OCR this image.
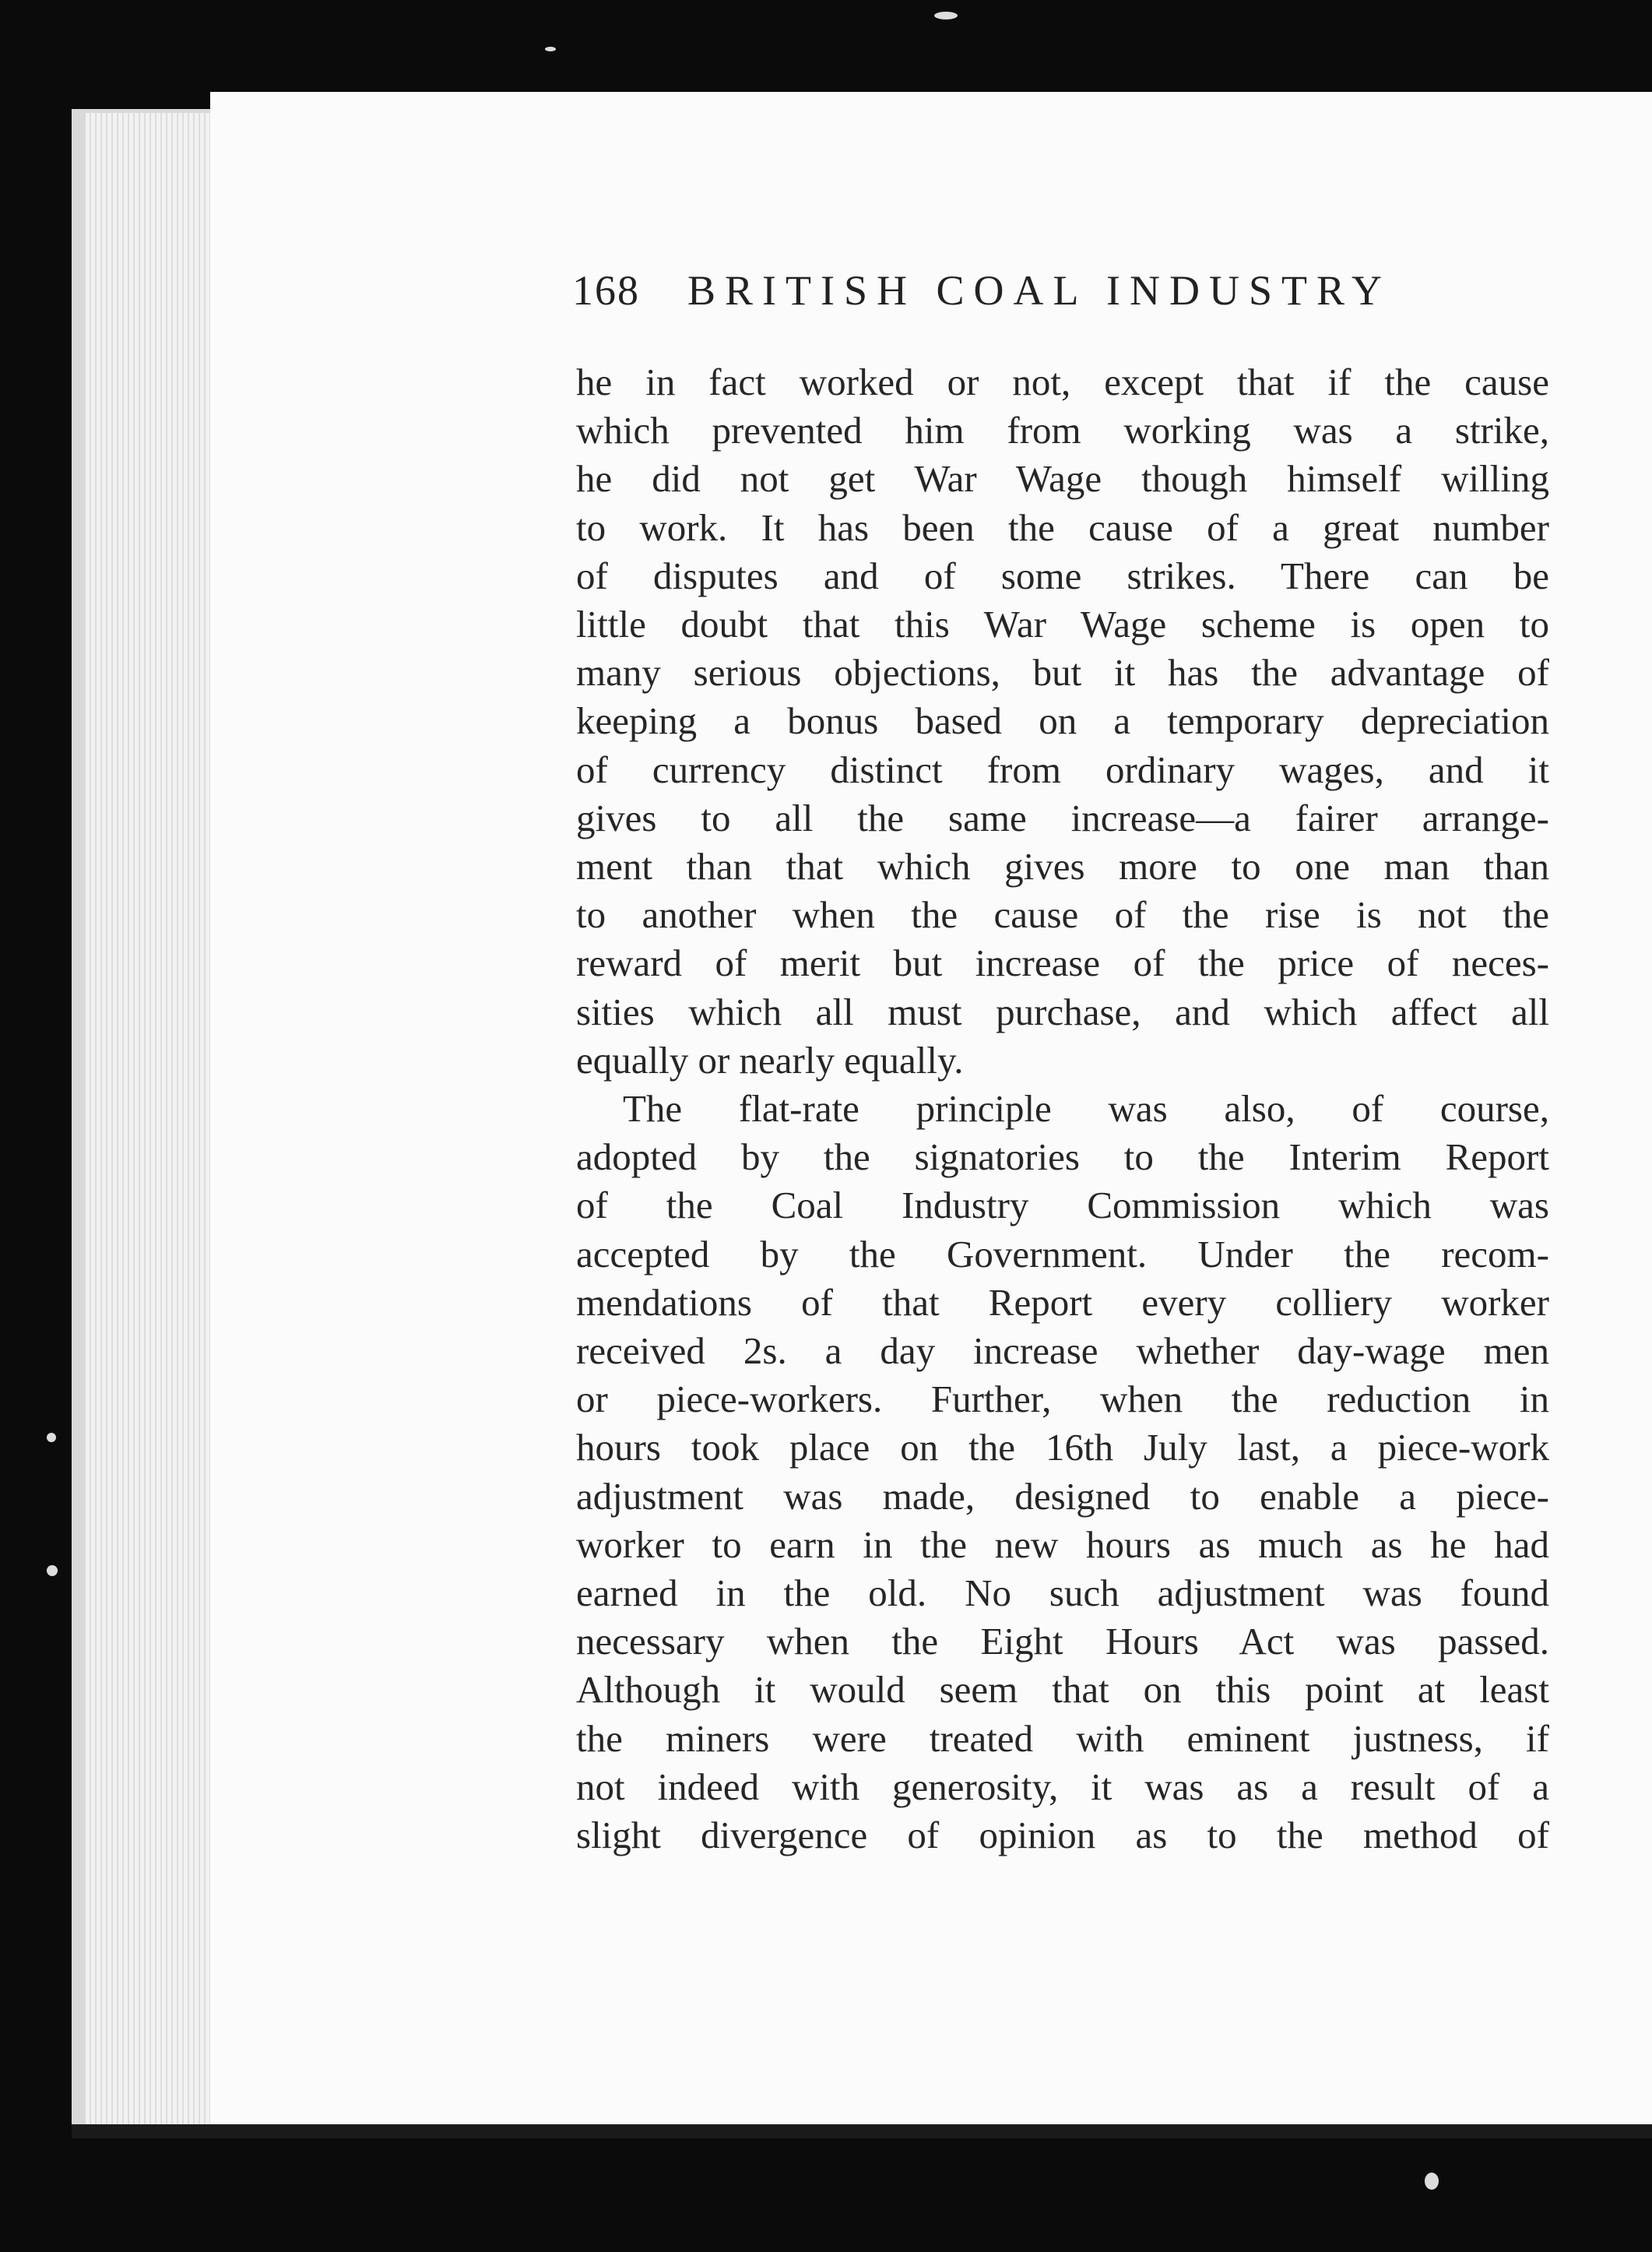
168 BRITISH COAL INDUSTRY
he in fact worked or not, except that if the cause
which prevented him from working was a strike,
he did not get War Wage though himself willing
to work. It has been the cause of a great number
of disputes and of some strikes. There can be
little doubt that this War Wage scheme is open to
many serious objections, but it has the advantage of
keeping a bonus based on a temporary depreciation
of currency distinct from ordinary wages, and it
gives to all the same increase—a fairer arrange-
ment than that which gives more to one man than
to another when the cause of the rise is not the
reward of merit but increase of the price of neces-
sities which all must purchase, and which affect all
equally or nearly equally.
The flat-rate principle was also, of course,
adopted by the signatories to the Interim Report
of the Coal Industry Commission which was
accepted by the Government. Under the recom-
mendations of that Report every colliery worker
received 2s. a day increase whether day-wage men
or piece-workers. Further, when the reduction in
hours took place on the 16th July last, a piece-work
adjustment was made, designed to enable a piece-
worker to earn in the new hours as much as he had
earned in the old. No such adjustment was found
necessary when the Eight Hours Act was passed.
Although it would seem that on this point at least
the miners were treated with eminent justness, if
not indeed with generosity, it was as a result of a
slight divergence of opinion as to the method of
